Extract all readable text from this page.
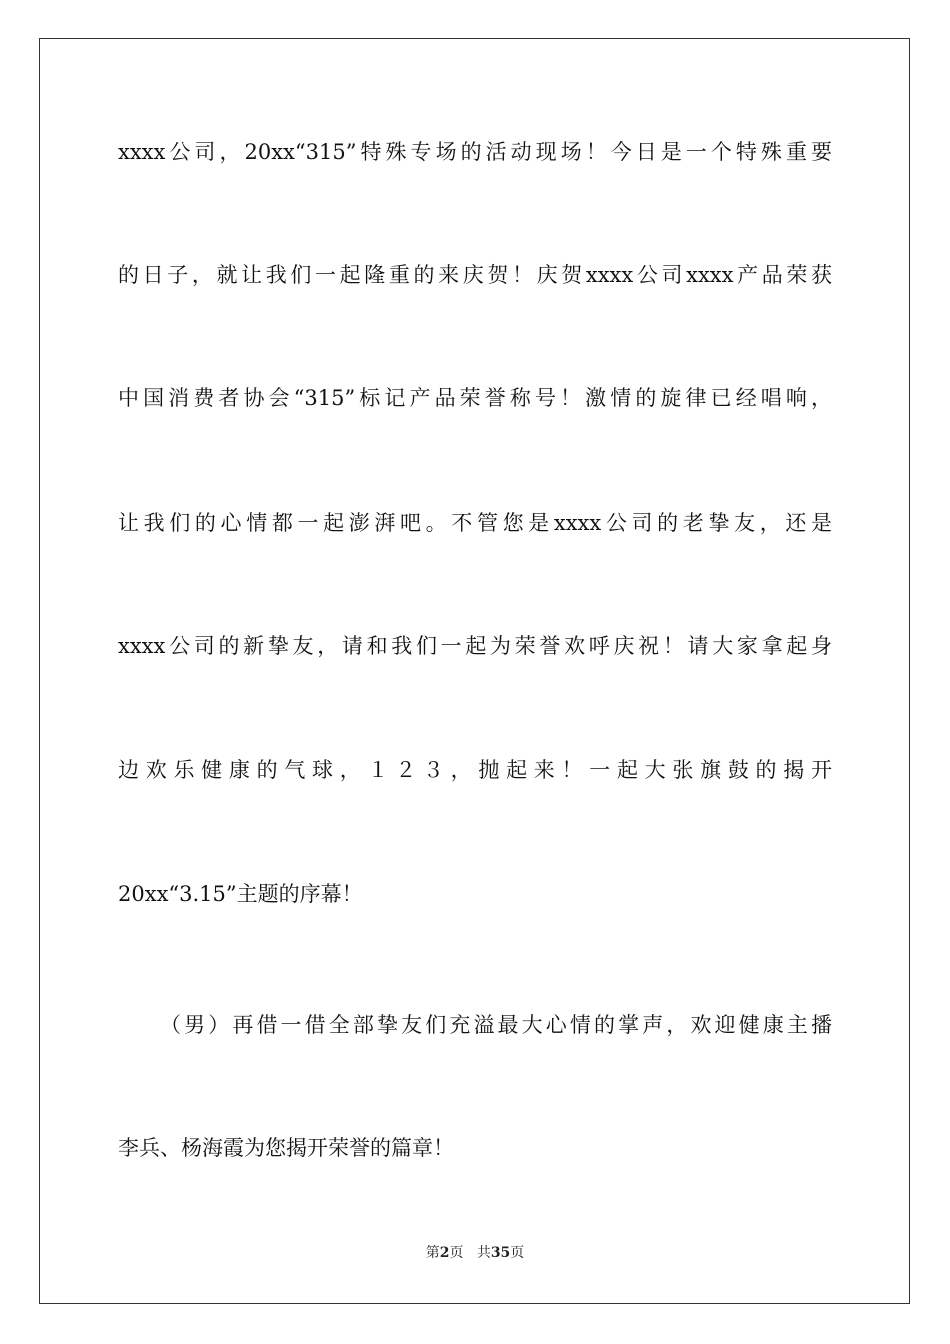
xxxx公司，20xx“315”特殊专场的活动现场！今日是一个特殊重要
的日子，就让我们一起隆重的来庆贺！庆贺xxxx公司xxxx产品荣获
中国消费者协会“315”标记产品荣誉称号！激情的旋律已经唱响，
让我们的心情都一起澎湃吧。不管您是xxxx公司的老挚友，还是
xxxx公司的新挚友，请和我们一起为荣誉欢呼庆祝！请大家拿起身
边欢乐健康的气球，１２３，抛起来！一起大张旗鼓的揭开
20xx“3.15”主题的序幕！
（男）再借一借全部挚友们充溢最大心情的掌声，欢迎健康主播
李兵、杨海霞为您揭开荣誉的篇章！
第2页 共35页
